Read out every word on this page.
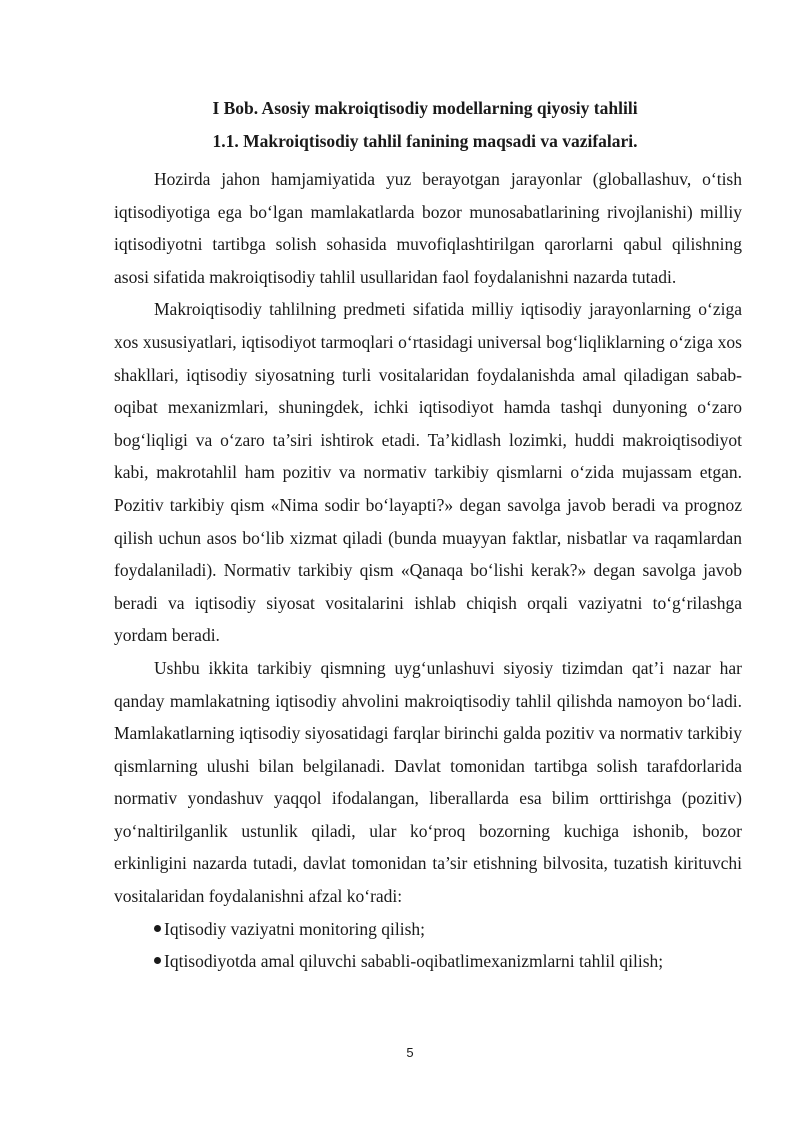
I Bob. Asosiy makroiqtisodiy modellarning qiyosiy tahlili
1.1. Makroiqtisodiy tahlil fanining maqsadi va vazifalari.

Hozirda jahon hamjamiyatida yuz berayotgan jarayonlar (globallashuv, o‘tish iqtisodiyotiga ega bo‘lgan mamlakatlarda bozor munosabatlarining rivojlanishi) milliy iqtisodiyotni tartibga solish sohasida muvofiqlashtirilgan qarorlarni qabul qilishning asosi sifatida makroiqtisodiy tahlil usullaridan faol foydalanishni nazarda tutadi.

Makroiqtisodiy tahlilning predmeti sifatida milliy iqtisodiy jarayonlarning o‘ziga xos xususiyatlari, iqtisodiyot tarmoqlari o‘rtasidagi universal bog‘liqliklarning o‘ziga xos shakllari, iqtisodiy siyosatning turli vositalaridan foydalanishda amal qiladigan sabab-oqibat mexanizmlari, shuningdek, ichki iqtisodiyot hamda tashqi dunyoning o‘zaro bog‘liqligi va o‘zaro ta’siri ishtirok etadi. Ta’kidlash lozimki, huddi makroiqtisodiyot kabi, makrotahlil ham pozitiv va normativ tarkibiy qismlarni o‘zida mujassam etgan. Pozitiv tarkibiy qism «Nima sodir bo‘layapti?» degan savolga javob beradi va prognoz qilish uchun asos bo‘lib xizmat qiladi (bunda muayyan faktlar, nisbatlar va raqamlardan foydalaniladi). Normativ tarkibiy qism «Qanaqa bo‘lishi kerak?» degan savolga javob beradi va iqtisodiy siyosat vositalarini ishlab chiqish orqali vaziyatni to‘g‘rilashga yordam beradi.

Ushbu ikkita tarkibiy qismning uyg‘unlashuvi siyosiy tizimdan qat’i nazar har qanday mamlakatning iqtisodiy ahvolini makroiqtisodiy tahlil qilishda namoyon bo‘ladi. Mamlakatlarning iqtisodiy siyosatidagi farqlar birinchi galda pozitiv va normativ tarkibiy qismlarning ulushi bilan belgilanadi. Davlat tomonidan tartibga solish tarafdorlarida normativ yondashuv yaqqol ifodalangan, liberallarda esa bilim orttirishga (pozitiv) yo‘naltirilganlik ustunlik qiladi, ular ko‘proq bozorning kuchiga ishonib, bozor erkinligini nazarda tutadi, davlat tomonidan ta’sir etishning bilvosita, tuzatish kirituvchi vositalaridan foydalanishni afzal ko‘radi:

Iqtisodiy vaziyatni monitoring qilish;

Iqtisodiyotda amal qiluvchi sababli-oqibatlimexanizmlarni tahlil qilish;

5
